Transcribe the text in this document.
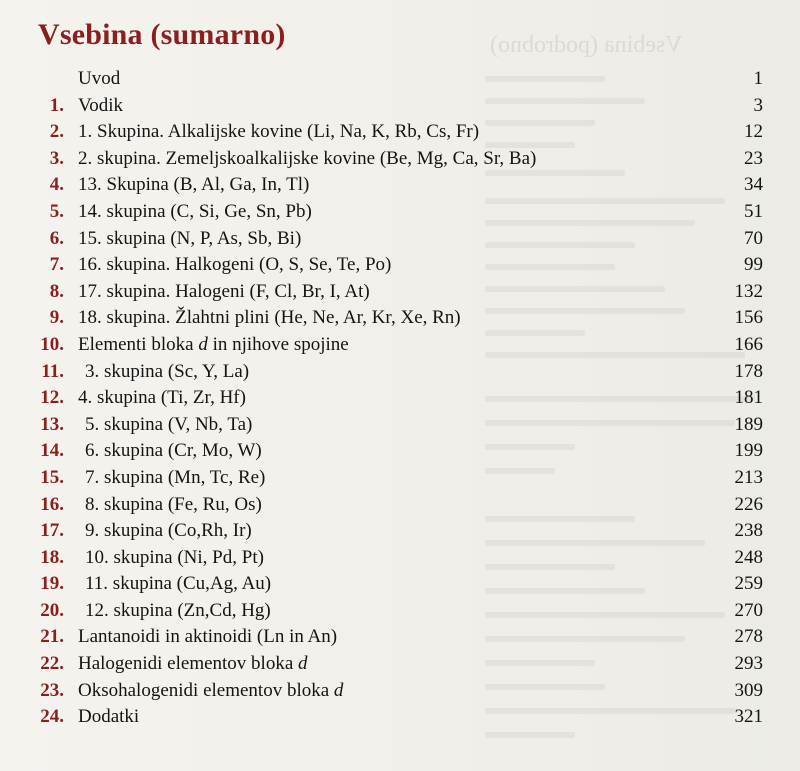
Vsebina (podrobno)
Vsebina (sumarno)
Uvod	1
1. Vodik	3
2. 1. Skupina. Alkalijske kovine (Li, Na, K, Rb, Cs, Fr)	12
3. 2. skupina. Zemeljskoalkalijske kovine (Be, Mg, Ca, Sr, Ba)	23
4. 13. Skupina (B, Al, Ga, In, Tl)	34
5. 14. skupina (C, Si, Ge, Sn, Pb)	51
6. 15. skupina (N, P, As, Sb, Bi)	70
7. 16. skupina. Halkogeni (O, S, Se, Te, Po)	99
8. 17. skupina. Halogeni (F, Cl, Br, I, At)	132
9. 18. skupina. Žlahtni plini (He, Ne, Ar, Kr, Xe, Rn)	156
10. Elementi bloka d in njihove spojine	166
11. 3. skupina (Sc, Y, La)	178
12. 4. skupina (Ti, Zr, Hf)	181
13. 5. skupina (V, Nb, Ta)	189
14. 6. skupina (Cr, Mo, W)	199
15. 7. skupina (Mn, Tc, Re)	213
16. 8. skupina (Fe, Ru, Os)	226
17. 9. skupina (Co,Rh, Ir)	238
18. 10. skupina (Ni, Pd, Pt)	248
19. 11. skupina (Cu,Ag, Au)	259
20. 12. skupina (Zn,Cd, Hg)	270
21. Lantanoidi in aktinoidi (Ln in An)	278
22. Halogenidi elementov bloka d	293
23. Oksohalogenidi elementov bloka d	309
24. Dodatki	321
